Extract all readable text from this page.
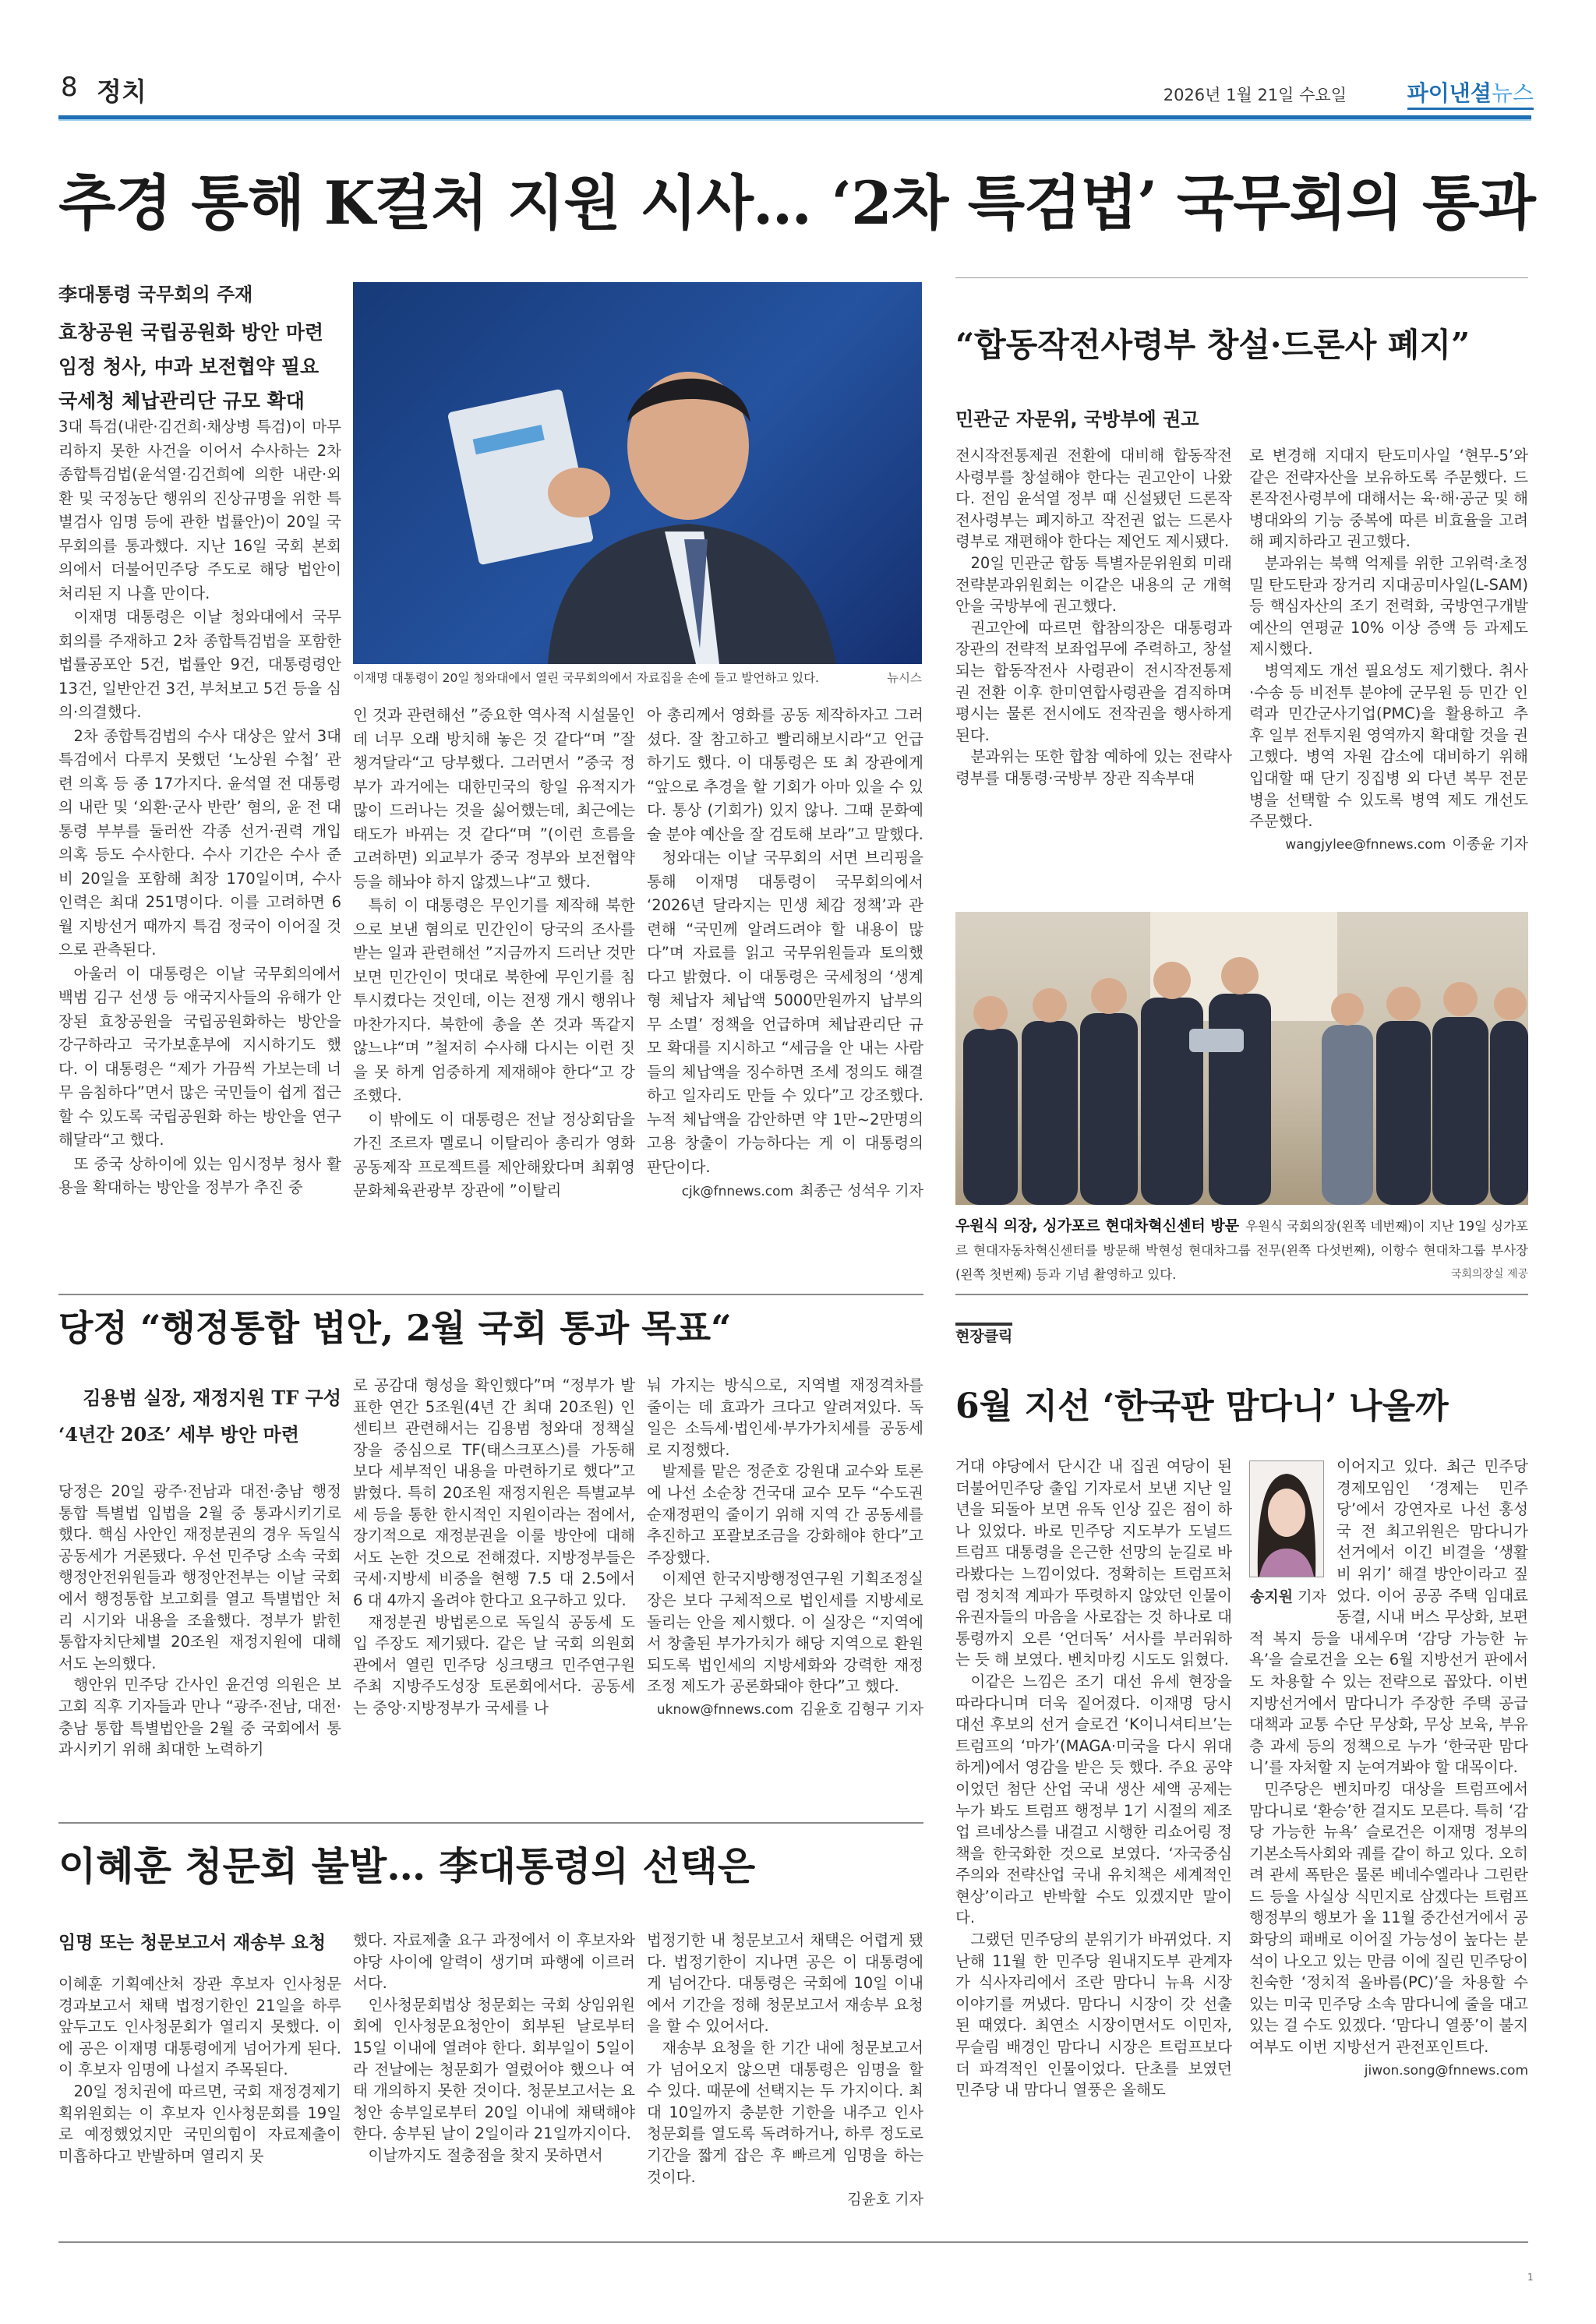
8 정치	2026년 1월 21일 수요일	파이낸셜뉴스
추경 통해 K컬처 지원 시사… ‘2차 특검법’ 국무회의 통과
李대통령 국무회의 주재
효창공원 국립공원화 방안 마련
임정 청사, 中과 보전협약 필요
국세청 체납관리단 규모 확대

3대 특검(내란·김건희·채상병 특검)이 마무리하지 못한 사건을 이어서 수사하는 2차 종합특검법(윤석열·김건희에 의한 내란·외환 및 국정농단 행위의 진상규명을 위한 특별검사 임명 등에 관한 법률안)이 20일 국무회의를 통과했다. 지난 16일 국회 본회의에서 더불어민주당 주도로 해당 법안이 처리된 지 나흘 만이다.

이재명 대통령은 이날 청와대에서 국무회의를 주재하고 2차 종합특검법을 포함한 법률공포안 5건, 법률안 9건, 대통령령안 13건, 일반안건 3건, 부처보고 5건 등을 심의·의결했다.

2차 종합특검법의 수사 대상은 앞서 3대 특검에서 다루지 못했던 ‘노상원 수첩’ 관련 의혹 등 종 17가지다. 윤석열 전 대통령의 내란 및 ‘외환·군사 반란’ 혐의, 윤 전 대통령 부부를 둘러싼 각종 선거·권력 개입 의혹 등도 수사한다. 수사 기간은 수사 준비 20일을 포함해 최장 170일이며, 수사 인력은 최대 251명이다. 이를 고려하면 6월 지방선거 때까지 특검 정국이 이어질 것으로 관측된다.

아울러 이 대통령은 이날 국무회의에서 백범 김구 선생 등 애국지사들의 유해가 안장된 효창공원을 국립공원화하는 방안을 강구하라고 국가보훈부에 지시하기도 했다. 이 대통령은 “제가 가끔씩 가보는데 너무 음침하다”면서 많은 국민들이 쉽게 접근할 수 있도록 국립공원화 하는 방안을 연구해달라“고 했다.

또 중국 상하이에 있는 임시정부 청사 활용을 확대하는 방안을 정부가 추진 중

이재명 대통령이 20일 청와대에서 열린 국무회의에서 자료집을 손에 들고 발언하고 있다.	뉴시스

인 것과 관련해선 ”중요한 역사적 시설물인데 너무 오래 방치해 놓은 것 같다“며 ”잘 챙겨달라“고 당부했다. 그러면서 ”중국 정부가 과거에는 대한민국의 항일 유적지가 많이 드러나는 것을 싫어했는데, 최근에는 태도가 바뀌는 것 같다“며 ”(이런 흐름을 고려하면) 외교부가 중국 정부와 보전협약 등을 해놔야 하지 않겠느냐“고 했다.

특히 이 대통령은 무인기를 제작해 북한으로 보낸 혐의로 민간인이 당국의 조사를 받는 일과 관련해선 ”지금까지 드러난 것만 보면 민간인이 멋대로 북한에 무인기를 침투시켰다는 것인데, 이는 전쟁 개시 행위나 마찬가지다. 북한에 총을 쏜 것과 똑같지 않느냐“며 ”철저히 수사해 다시는 이런 짓을 못 하게 엄중하게 제재해야 한다“고 강조했다.

이 밖에도 이 대통령은 전날 정상회담을 가진 조르자 멜로니 이탈리아 총리가 영화 공동제작 프로젝트를 제안해왔다며 최휘영 문화체육관광부 장관에 ”이탈리

아 총리께서 영화를 공동 제작하자고 그러셨다. 잘 참고하고 빨리해보시라“고 언급하기도 했다. 이 대통령은 또 최 장관에게 “앞으로 추경을 할 기회가 아마 있을 수 있다. 통상 (기회가) 있지 않나. 그때 문화예술 분야 예산을 잘 검토해 보라”고 말했다.

청와대는 이날 국무회의 서면 브리핑을 통해 이재명 대통령이 국무회의에서 ‘2026년 달라지는 민생 체감 정책’과 관련해 “국민께 알려드려야 할 내용이 많다”며 자료를 읽고 국무위원들과 토의했다고 밝혔다. 이 대통령은 국세청의 ‘생계형 체납자 체납액 5000만원까지 납부의무 소멸’ 정책을 언급하며 체납관리단 규모 확대를 지시하고 “세금을 안 내는 사람들의 체납액을 징수하면 조세 정의도 해결하고 일자리도 만들 수 있다”고 강조했다. 누적 체납액을 감안하면 약 1만~2만명의 고용 창출이 가능하다는 게 이 대통령의 판단이다.

cjk@fnnews.com 최종근 성석우 기자
“합동작전사령부 창설·드론사 폐지”
민관군 자문위, 국방부에 권고

전시작전통제권 전환에 대비해 합동작전사령부를 창설해야 한다는 권고안이 나왔다. 전임 윤석열 정부 때 신설됐던 드론작전사령부는 폐지하고 작전권 없는 드론사령부로 재편해야 한다는 제언도 제시됐다.

20일 민관군 합동 특별자문위원회 미래전략분과위원회는 이같은 내용의 군 개혁안을 국방부에 권고했다.

권고안에 따르면 합참의장은 대통령과 장관의 전략적 보좌업무에 주력하고, 창설되는 합동작전사 사령관이 전시작전통제권 전환 이후 한미연합사령관을 겸직하며 평시는 물론 전시에도 전작권을 행사하게 된다.

분과위는 또한 합참 예하에 있는 전략사령부를 대통령·국방부 장관 직속부대

로 변경해 지대지 탄도미사일 ‘현무-5’와 같은 전략자산을 보유하도록 주문했다. 드론작전사령부에 대해서는 육·해·공군 및 해병대와의 기능 중복에 따른 비효율을 고려해 폐지하라고 권고했다.

분과위는 북핵 억제를 위한 고위력·초정밀 탄도탄과 장거리 지대공미사일(L-SAM) 등 핵심자산의 조기 전력화, 국방연구개발 예산의 연평균 10% 이상 증액 등 과제도 제시했다.

병역제도 개선 필요성도 제기했다. 취사·수송 등 비전투 분야에 군무원 등 민간 인력과 민간군사기업(PMC)을 활용하고 추후 일부 전투지원 영역까지 확대할 것을 권고했다. 병역 자원 감소에 대비하기 위해 입대할 때 단기 징집병 외 다년 복무 전문병을 선택할 수 있도록 병역 제도 개선도 주문했다.

wangjylee@fnnews.com 이종윤 기자
우원식 의장, 싱가포르 현대차혁신센터 방문 우원식 국회의장(왼쪽 네번째)이 지난 19일 싱가포르 현대자동차혁신센터를 방문해 박현성 현대차그룹 전무(왼쪽 다섯번째), 이항수 현대차그룹 부사장(왼쪽 첫번째) 등과 기념 촬영하고 있다.	국회의장실 제공
당정 “행정통합 법안, 2월 국회 통과 목표“
김용범 실장, 재정지원 TF 구성
‘4년간 20조’ 세부 방안 마련

당정은 20일 광주·전남과 대전·충남 행정통합 특별법 입법을 2월 중 통과시키기로 했다. 핵심 사안인 재정분권의 경우 독일식 공동세가 거론됐다. 우선 민주당 소속 국회 행정안전위원들과 행정안전부는 이날 국회에서 행정통합 보고회를 열고 특별법안 처리 시기와 내용을 조율했다. 정부가 밝힌 통합자치단체별 20조원 재정지원에 대해서도 논의했다.

행안위 민주당 간사인 윤건영 의원은 보고회 직후 기자들과 만나 “광주·전남, 대전·충남 통합 특별법안을 2월 중 국회에서 통과시키기 위해 최대한 노력하기

로 공감대 형성을 확인했다”며 “정부가 발표한 연간 5조원(4년 간 최대 20조원) 인센티브 관련해서는 김용범 청와대 정책실장을 중심으로 TF(태스크포스)를 가동해 보다 세부적인 내용을 마련하기로 했다”고 밝혔다. 특히 20조원 재정지원은 특별교부세 등을 통한 한시적인 지원이라는 점에서, 장기적으로 재정분권을 이룰 방안에 대해서도 논한 것으로 전해졌다. 지방정부들은 국세·지방세 비중을 현행 7.5 대 2.5에서 6 대 4까지 올려야 한다고 요구하고 있다.

재정분권 방법론으로 독일식 공동세 도입 주장도 제기됐다. 같은 날 국회 의원회관에서 열린 민주당 싱크탱크 민주연구원 주최 지방주도성장 토론회에서다. 공동세는 중앙·지방정부가 국세를 나

눠 가지는 방식으로, 지역별 재정격차를 줄이는 데 효과가 크다고 알려져있다. 독일은 소득세·법인세·부가가치세를 공동세로 지정했다.

발제를 맡은 정준호 강원대 교수와 토론에 나선 소순창 건국대 교수 모두 “수도권 순재정편익 줄이기 위해 지역 간 공동세를 추진하고 포괄보조금을 강화해야 한다”고 주장했다.

이제연 한국지방행정연구원 기획조정실장은 보다 구체적으로 법인세를 지방세로 돌리는 안을 제시했다. 이 실장은 “지역에서 창출된 부가가치가 해당 지역으로 환원되도록 법인세의 지방세화와 강력한 재정 조정 제도가 공론화돼야 한다”고 했다.

uknow@fnnews.com 김윤호 김형구 기자
이혜훈 청문회 불발… 李대통령의 선택은
임명 또는 청문보고서 재송부 요청

이혜훈 기획예산처 장관 후보자 인사청문경과보고서 채택 법정기한인 21일을 하루 앞두고도 인사청문회가 열리지 못했다. 이에 공은 이재명 대통령에게 넘어가게 된다. 이 후보자 임명에 나설지 주목된다.

20일 정치권에 따르면, 국회 재정경제기획위원회는 이 후보자 인사청문회를 19일로 예정했었지만 국민의힘이 자료제출이 미흡하다고 반발하며 열리지 못

했다. 자료제출 요구 과정에서 이 후보자와 야당 사이에 알력이 생기며 파행에 이르러서다.

인사청문회법상 청문회는 국회 상임위원회에 인사청문요청안이 회부된 날로부터 15일 이내에 열려야 한다. 회부일이 5일이라 전날에는 청문회가 열렸어야 했으나 여태 개의하지 못한 것이다. 청문보고서는 요청안 송부일로부터 20일 이내에 채택해야 한다. 송부된 날이 2일이라 21일까지이다.

이날까지도 절충점을 찾지 못하면서

법정기한 내 청문보고서 채택은 어렵게 됐다. 법정기한이 지나면 공은 이 대통령에게 넘어간다. 대통령은 국회에 10일 이내에서 기간을 정해 청문보고서 재송부 요청을 할 수 있어서다.

재송부 요청을 한 기간 내에 청문보고서가 넘어오지 않으면 대통령은 임명을 할 수 있다. 때문에 선택지는 두 가지이다. 최대 10일까지 충분한 기한을 내주고 인사청문회를 열도록 독려하거나, 하루 정도로 기간을 짧게 잡은 후 빠르게 임명을 하는 것이다.

김윤호 기자
현장클릭
6월 지선 ‘한국판 맘다니’ 나올까

거대 야당에서 단시간 내 집권 여당이 된 더불어민주당 출입 기자로서 보낸 지난 일년을 되돌아 보면 유독 인상 깊은 점이 하나 있었다. 바로 민주당 지도부가 도널드 트럼프 대통령을 은근한 선망의 눈길로 바라봤다는 느낌이었다. 정확히는 트럼프처럼 정치적 계파가 뚜렷하지 않았던 인물이 유권자들의 마음을 사로잡는 것 하나로 대통령까지 오른 ‘언더독’ 서사를 부러워하는 듯 해 보였다. 벤치마킹 시도도 읽혔다.

이같은 느낌은 조기 대선 유세 현장을 따라다니며 더욱 짙어졌다. 이재명 당시 대선 후보의 선거 슬로건 ‘K이니셔티브’는 트럼프의 ‘마가’(MAGA·미국을 다시 위대하게)에서 영감을 받은 듯 했다. 주요 공약이었던 첨단 산업 국내 생산 세액 공제는 누가 봐도 트럼프 행정부 1기 시절의 제조업 르네상스를 내걸고 시행한 리쇼어링 정책을 한국화한 것으로 보였다. ‘자국중심주의와 전략산업 국내 유치책은 세계적인 현상’이라고 반박할 수도 있겠지만 말이다.

그랬던 민주당의 분위기가 바뀌었다. 지난해 11월 한 민주당 원내지도부 관계자가 식사자리에서 조란 맘다니 뉴욕 시장 이야기를 꺼냈다. 맘다니 시장이 갓 선출된 때였다. 최연소 시장이면서도 이민자, 무슬림 배경인 맘다니 시장은 트럼프보다 더 파격적인 인물이었다. 단초를 보였던 민주당 내 맘다니 열풍은 올해도

송지원 기자

이어지고 있다. 최근 민주당 경제모임인 ‘경제는 민주당’에서 강연자로 나선 홍성국 전 최고위원은 맘다니가 선거에서 이긴 비결을 ‘생활비 위기’ 해결 방안이라고 짚었다. 이어 공공 주택 임대료 동결, 시내 버스 무상화, 보편적 복지 등을 내세우며 ‘감당 가능한 뉴욕’을 슬로건을 오는 6월 지방선거 판에서도 차용할 수 있는 전략으로 꼽았다. 이번 지방선거에서 맘다니가 주장한 주택 공급 대책과 교통 수단 무상화, 무상 보육, 부유층 과세 등의 정책으로 누가 ‘한국판 맘다니’를 자처할 지 눈여겨봐야 할 대목이다.

민주당은 벤치마킹 대상을 트럼프에서 맘다니로 ‘환승’한 걸지도 모른다. 특히 ‘감당 가능한 뉴욕’ 슬로건은 이재명 정부의 기본소득사회와 궤를 같이 하고 있다. 오히려 관세 폭탄은 물론 베네수엘라나 그린란드 등을 사실상 식민지로 삼겠다는 트럼프 행정부의 행보가 올 11월 중간선거에서 공화당의 패배로 이어질 가능성이 높다는 분석이 나오고 있는 만큼 이에 질린 민주당이 친숙한 ‘정치적 올바름(PC)’을 차용할 수 있는 미국 민주당 소속 맘다니에 줄을 대고 있는 걸 수도 있겠다. ‘맘다니 열풍’이 불지 여부도 이번 지방선거 관전포인트다.

jiwon.song@fnnews.com
1
